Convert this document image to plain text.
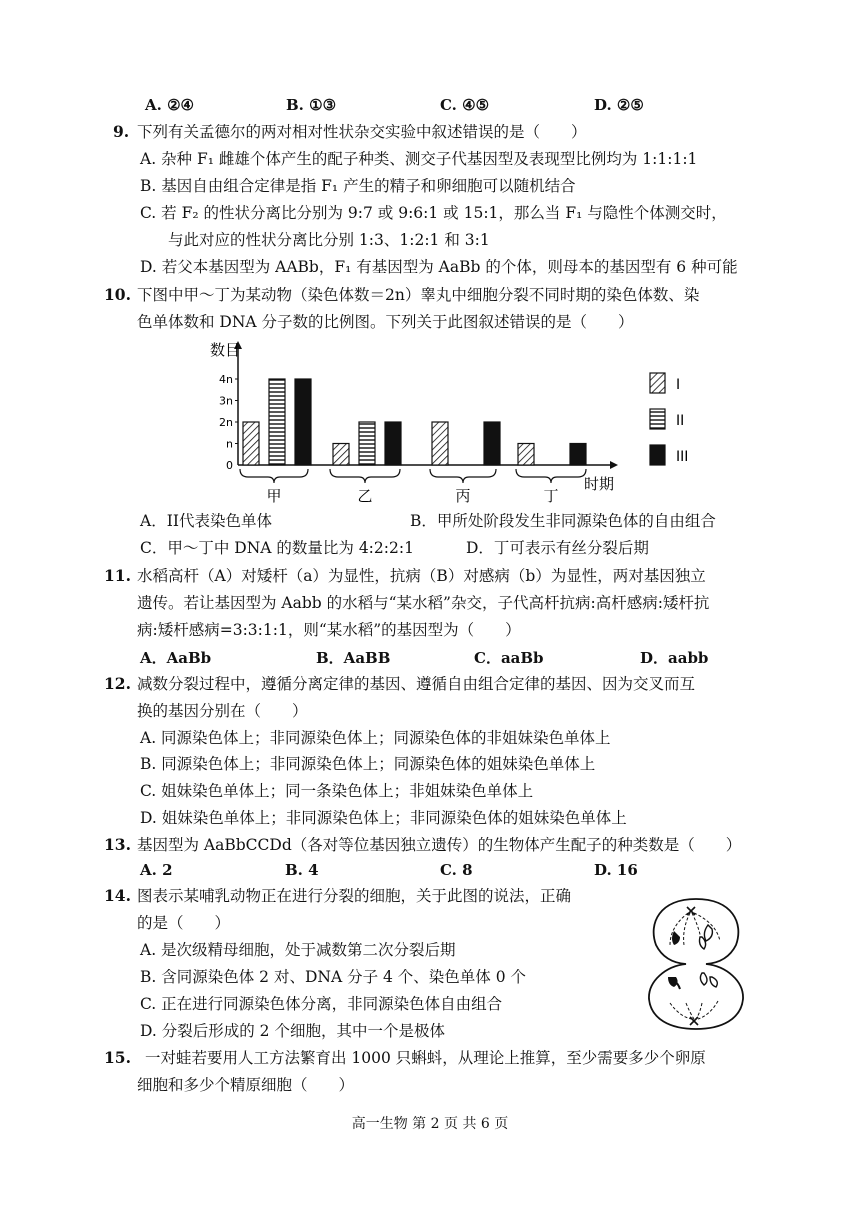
A. ②④	B. ①③	C. ④⑤	D. ②⑤
9. 下列有关孟德尔的两对相对性状杂交实验中叙述错误的是（　　）
A. 杂种 F₁ 雌雄个体产生的配子种类、测交子代基因型及表现型比例均为 1:1:1:1
B. 基因自由组合定律是指 F₁ 产生的精子和卵细胞可以随机结合
C. 若 F₂ 的性状分离比分别为 9:7 或 9:6:1 或 15:1，那么当 F₁ 与隐性个体测交时，
与此对应的性状分离比分别 1:3、1:2:1 和 3:1
D. 若父本基因型为 AABb，F₁ 有基因型为 AaBb 的个体，则母本的基因型有 6 种可能
10. 下图中甲～丁为某动物（染色体数＝2n）睾丸中细胞分裂不同时期的染色体数、染
色单体数和 DNA 分子数的比例图。下列关于此图叙述错误的是（　　）
数目
时期
0
n
2n
3n
4n
甲	乙	丙	丁
I
II
III
A．II代表染色单体	B．甲所处阶段发生非同源染色体的自由组合
C．甲～丁中 DNA 的数量比为 4:2:2:1	D．丁可表示有丝分裂后期
11. 水稻高杆（A）对矮杆（a）为显性，抗病（B）对感病（b）为显性，两对基因独立
遗传。若让基因型为 Aabb 的水稻与“某水稻”杂交，子代高杆抗病:高杆感病:矮杆抗
病:矮杆感病=3:3:1:1，则“某水稻”的基因型为（　　）
A．AaBb	B．AaBB	C．aaBb	D．aabb
12. 减数分裂过程中，遵循分离定律的基因、遵循自由组合定律的基因、因为交叉而互
换的基因分别在（　　）
A. 同源染色体上；非同源染色体上；同源染色体的非姐妹染色单体上
B. 同源染色体上；非同源染色体上；同源染色体的姐妹染色单体上
C. 姐妹染色单体上；同一条染色体上；非姐妹染色单体上
D. 姐妹染色单体上；非同源染色体上；非同源染色体的姐妹染色单体上
13. 基因型为 AaBbCCDd（各对等位基因独立遗传）的生物体产生配子的种类数是（　　）
A. 2	B. 4	C. 8	D. 16
14. 图表示某哺乳动物正在进行分裂的细胞，关于此图的说法，正确
的是（　　）
A. 是次级精母细胞，处于减数第二次分裂后期
B. 含同源染色体 2 对、DNA 分子 4 个、染色单体 0 个
C. 正在进行同源染色体分离，非同源染色体自由组合
D. 分裂后形成的 2 个细胞，其中一个是极体
15. 一对蛙若要用人工方法繁育出 1000 只蝌蚪，从理论上推算，至少需要多少个卵原
细胞和多少个精原细胞（　　）
高一生物 第 2 页 共 6 页
